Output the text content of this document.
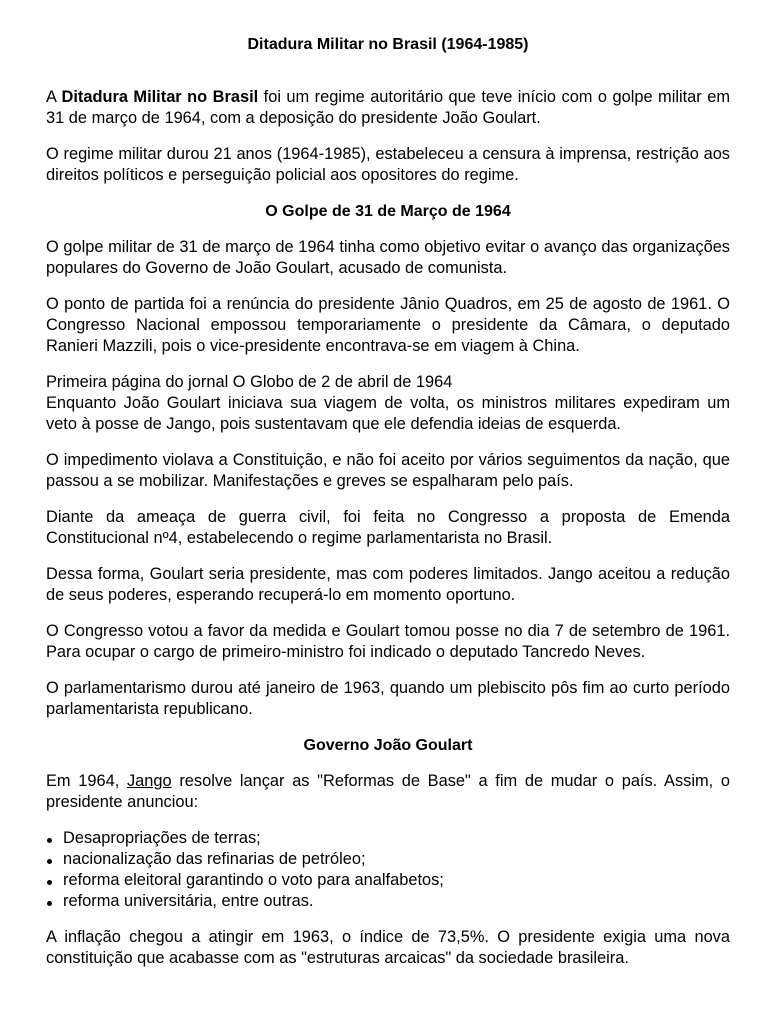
Ditadura Militar no Brasil (1964-1985)

A Ditadura Militar no Brasil foi um regime autoritário que teve início com o golpe militar em 31 de março de 1964, com a deposição do presidente João Goulart.

O regime militar durou 21 anos (1964-1985), estabeleceu a censura à imprensa, restrição aos direitos políticos e perseguição policial aos opositores do regime.

O Golpe de 31 de Março de 1964

O golpe militar de 31 de março de 1964 tinha como objetivo evitar o avanço das organizações populares do Governo de João Goulart, acusado de comunista.

O ponto de partida foi a renúncia do presidente Jânio Quadros, em 25 de agosto de 1961. O Congresso Nacional empossou temporariamente o presidente da Câmara, o deputado Ranieri Mazzili, pois o vice-presidente encontrava-se em viagem à China.

Primeira página do jornal O Globo de 2 de abril de 1964

Enquanto João Goulart iniciava sua viagem de volta, os ministros militares expediram um veto à posse de Jango, pois sustentavam que ele defendia ideias de esquerda.

O impedimento violava a Constituição, e não foi aceito por vários seguimentos da nação, que passou a se mobilizar. Manifestações e greves se espalharam pelo país.

Diante da ameaça de guerra civil, foi feita no Congresso a proposta de Emenda Constitucional nº4, estabelecendo o regime parlamentarista no Brasil.

Dessa forma, Goulart seria presidente, mas com poderes limitados. Jango aceitou a redução de seus poderes, esperando recuperá-lo em momento oportuno.

O Congresso votou a favor da medida e Goulart tomou posse no dia 7 de setembro de 1961. Para ocupar o cargo de primeiro-ministro foi indicado o deputado Tancredo Neves.

O parlamentarismo durou até janeiro de 1963, quando um plebiscito pôs fim ao curto período parlamentarista republicano.

Governo João Goulart

Em 1964, Jango resolve lançar as "Reformas de Base" a fim de mudar o país. Assim, o presidente anunciou:

Desapropriações de terras;
nacionalização das refinarias de petróleo;
reforma eleitoral garantindo o voto para analfabetos;
reforma universitária, entre outras.

A inflação chegou a atingir em 1963, o índice de 73,5%. O presidente exigia uma nova constituição que acabasse com as "estruturas arcaicas" da sociedade brasileira.
